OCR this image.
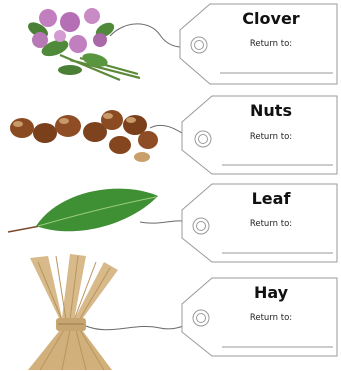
Clover
Return to:
Nuts
Return to:
Leaf
Return to:
Hay
Return to:
